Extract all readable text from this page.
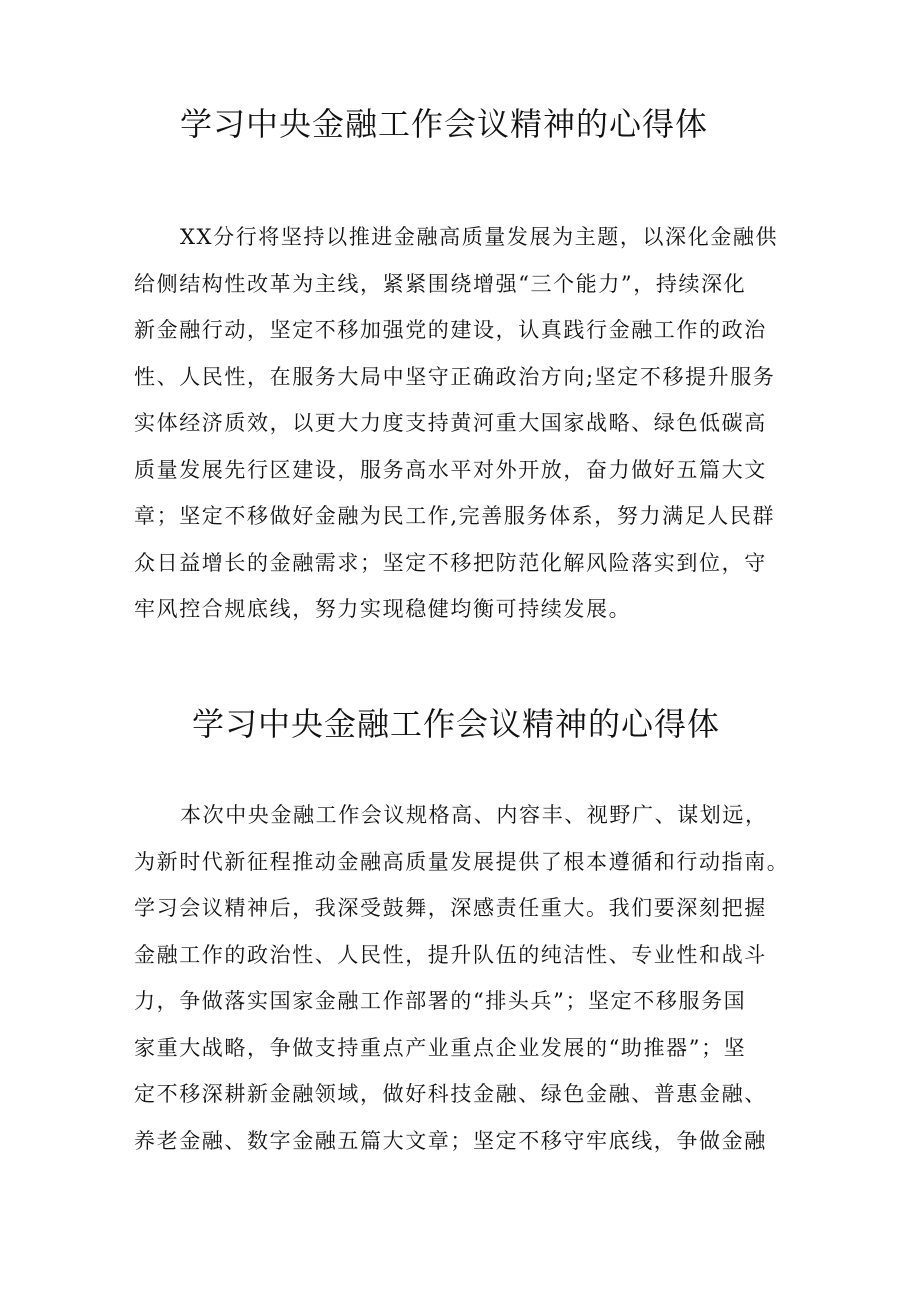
学习中央金融工作会议精神的心得体

XX分行将坚持以推进金融高质量发展为主题，以深化金融供
给侧结构性改革为主线，紧紧围绕增强“三个能力”，持续深化
新金融行动，坚定不移加强党的建设，认真践行金融工作的政治
性、人民性，在服务大局中坚守正确政治方向;坚定不移提升服务
实体经济质效，以更大力度支持黄河重大国家战略、绿色低碳高
质量发展先行区建设，服务高水平对外开放，奋力做好五篇大文
章；坚定不移做好金融为民工作,完善服务体系，努力满足人民群
众日益增长的金融需求；坚定不移把防范化解风险落实到位，守
牢风控合规底线，努力实现稳健均衡可持续发展。

学习中央金融工作会议精神的心得体

本次中央金融工作会议规格高、内容丰、视野广、谋划远，
为新时代新征程推动金融高质量发展提供了根本遵循和行动指南。
学习会议精神后，我深受鼓舞，深感责任重大。我们要深刻把握
金融工作的政治性、人民性，提升队伍的纯洁性、专业性和战斗
力，争做落实国家金融工作部署的“排头兵”；坚定不移服务国
家重大战略，争做支持重点产业重点企业发展的“助推器”；坚
定不移深耕新金融领域，做好科技金融、绿色金融、普惠金融、
养老金融、数字金融五篇大文章；坚定不移守牢底线，争做金融
